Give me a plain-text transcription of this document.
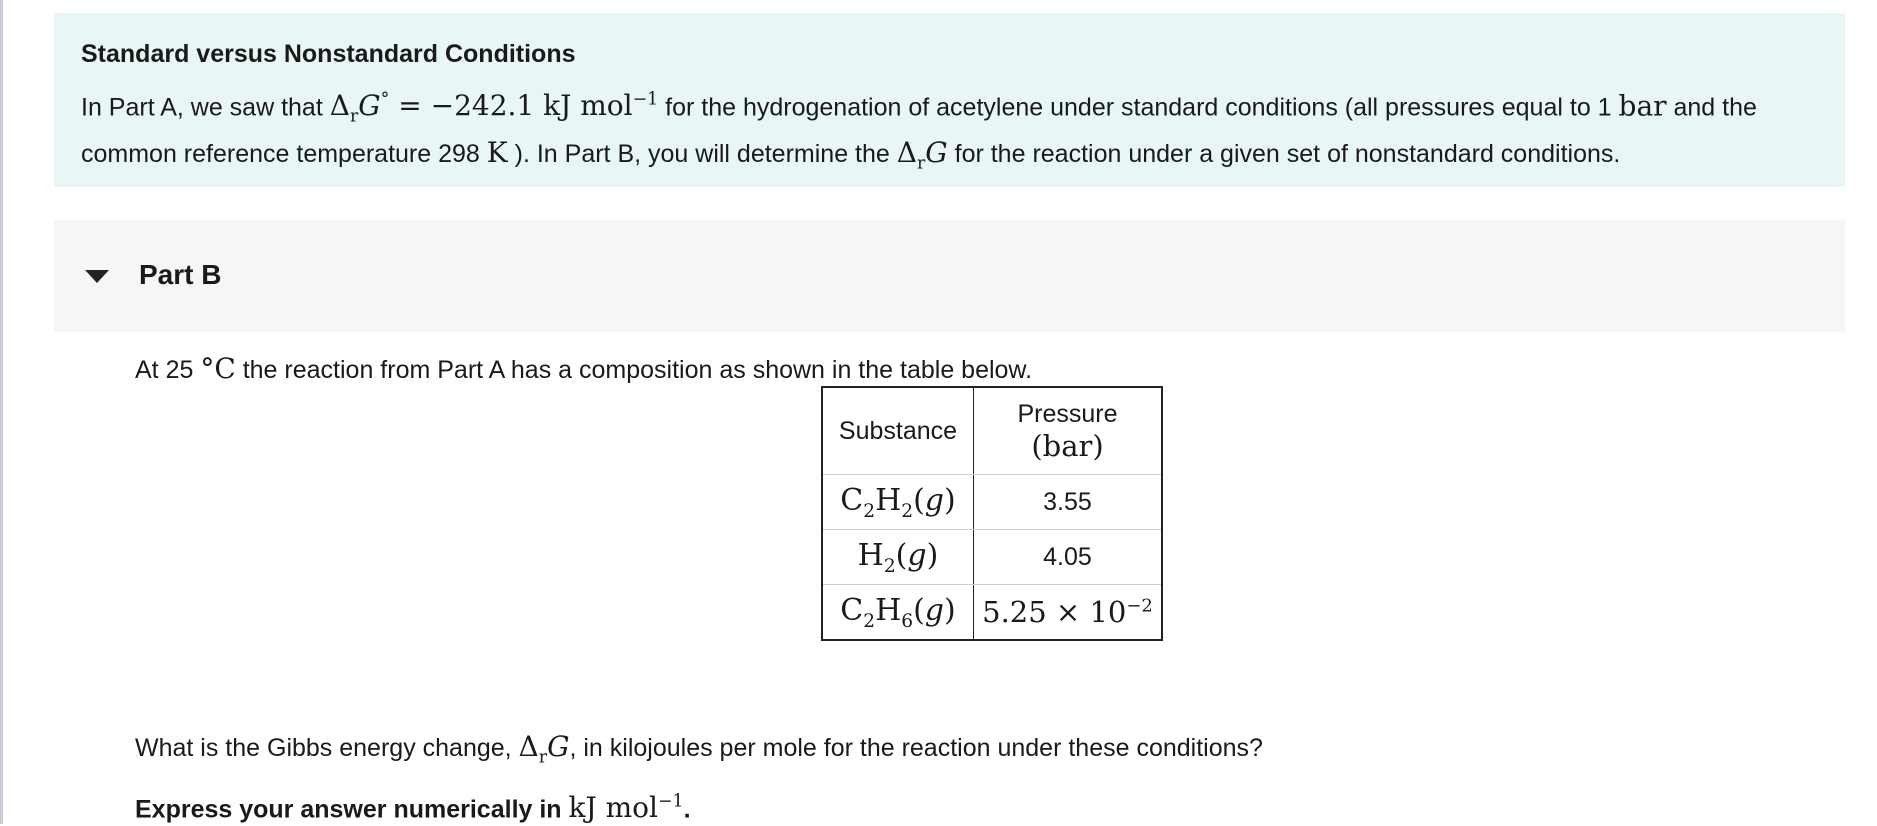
Standard versus Nonstandard Conditions

In Part A, we saw that $\Delta_rG^\circ = -242.1$ kJ mol$^{-1}$ for the hydrogenation of acetylene under standard conditions (all pressures equal to 1 bar and the common reference temperature 298 K ). In Part B, you will determine the $\Delta_rG$ for the reaction under a given set of nonstandard conditions.

Part B
At 25 °C the reaction from Part A has a composition as shown in the table below.
Substance	Pressure
(bar)
$C_2H_2(g)$	3.55
$H_2(g)$	4.05
$C_2H_6(g)$	$5.25 \times 10^{-2}$
What is the Gibbs energy change, $\Delta_rG$, in kilojoules per mole for the reaction under these conditions?
Express your answer numerically in kJ mol$^{-1}$.
